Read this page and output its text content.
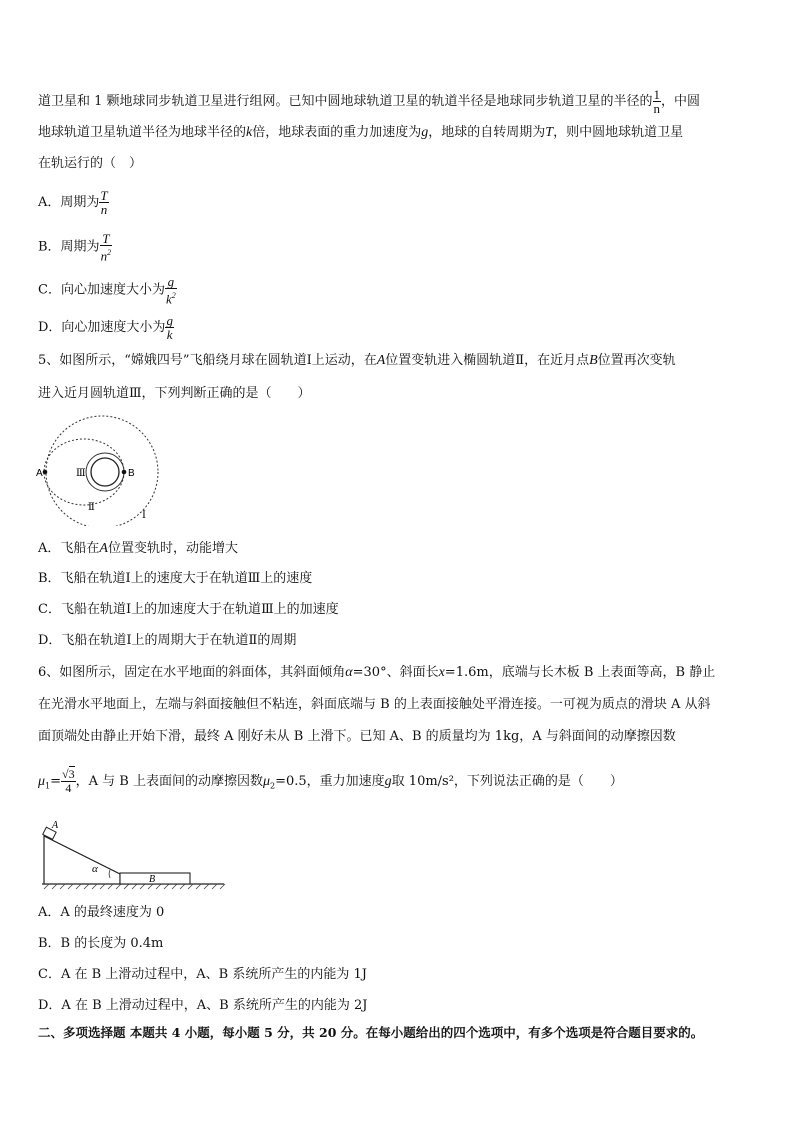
道卫星和 1 颗地球同步轨道卫星进行组网。已知中圆地球轨道卫星的轨道半径是地球同步轨道卫星的半径的 $\frac{1}{n}$ ，中圆
地球轨道卫星轨道半径为地球半径的k倍，地球表面的重力加速度为g，地球的自转周期为T，则中圆地球轨道卫星
在轨运行的（　）
A．周期为 $\frac{T}{n}$
B．周期为 $\frac{T}{n^2}$
C．向心加速度大小为 $\frac{g}{k^2}$
D．向心加速度大小为 $\frac{g}{k}$
5、如图所示，“嫦娥四号”飞船绕月球在圆轨道Ⅰ上运动，在A位置变轨进入椭圆轨道Ⅱ，在近月点B位置再次变轨
进入近月圆轨道Ⅲ，下列判断正确的是（　　）
A	B
Ⅲ
Ⅱ
Ⅰ
A．飞船在A位置变轨时，动能增大
B．飞船在轨道Ⅰ上的速度大于在轨道Ⅲ上的速度
C．飞船在轨道Ⅰ上的加速度大于在轨道Ⅲ上的加速度
D．飞船在轨道Ⅰ上的周期大于在轨道Ⅱ的周期
6、如图所示，固定在水平地面的斜面体，其斜面倾角α=30°、斜面长x=1.6m，底端与长木板 B 上表面等高，B 静止
在光滑水平地面上，左端与斜面接触但不粘连，斜面底端与 B 的上表面接触处平滑连接。一可视为质点的滑块 A 从斜
面顶端处由静止开始下滑，最终 A 刚好未从 B 上滑下。已知 A、B 的质量均为 1kg，A 与斜面间的动摩擦因数
$\mu_1= \frac{√3}{4}$ ，A 与 B 上表面间的动摩擦因数$\mu_2=0.5$，重力加速度g取 10m/s²，下列说法正确的是（　　）
A
α
B
A．A 的最终速度为 0
B．B 的长度为 0.4m
C．A 在 B 上滑动过程中，A、B 系统所产生的内能为 1J
D．A 在 B 上滑动过程中，A、B 系统所产生的内能为 2J
二、多项选择题 本题共 4 小题，每小题 5 分，共 20 分。在每小题给出的四个选项中，有多个选项是符合题目要求的。
